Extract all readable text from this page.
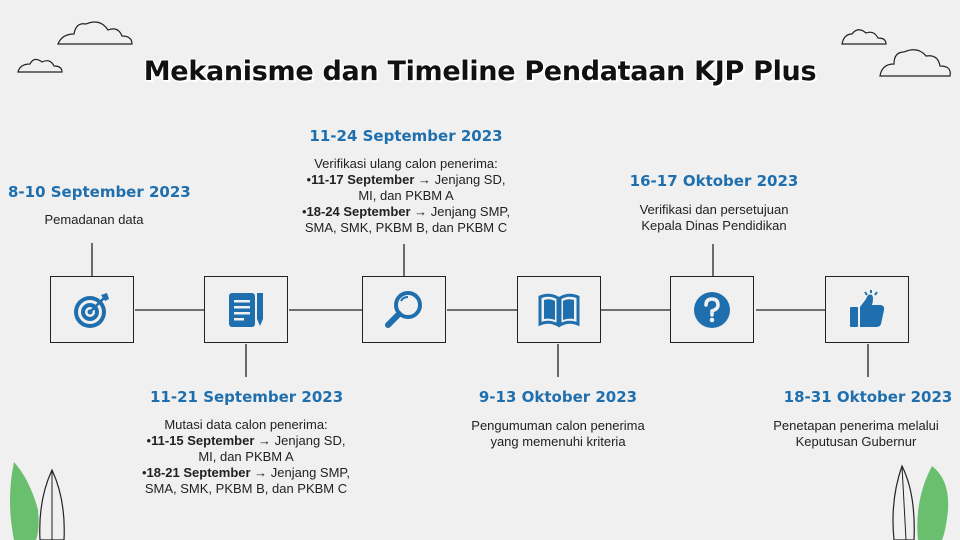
Mekanisme dan Timeline Pendataan KJP Plus
8-10 September 2023
Pemadanan data
11-21 September 2023
Mutasi data calon penerima:
•11-15 September → Jenjang SD,
MI, dan PKBM A
•18-21 September → Jenjang SMP,
SMA, SMK, PKBM B, dan PKBM C
11-24 September 2023
Verifikasi ulang calon penerima:
•11-17 September → Jenjang SD,
MI, dan PKBM A
•18-24 September → Jenjang SMP,
SMA, SMK, PKBM B, dan PKBM C
9-13 Oktober 2023
Pengumuman calon penerima
yang memenuhi kriteria
16-17 Oktober 2023
Verifikasi dan persetujuan
Kepala Dinas Pendidikan
18-31 Oktober 2023
Penetapan penerima melalui
Keputusan Gubernur
